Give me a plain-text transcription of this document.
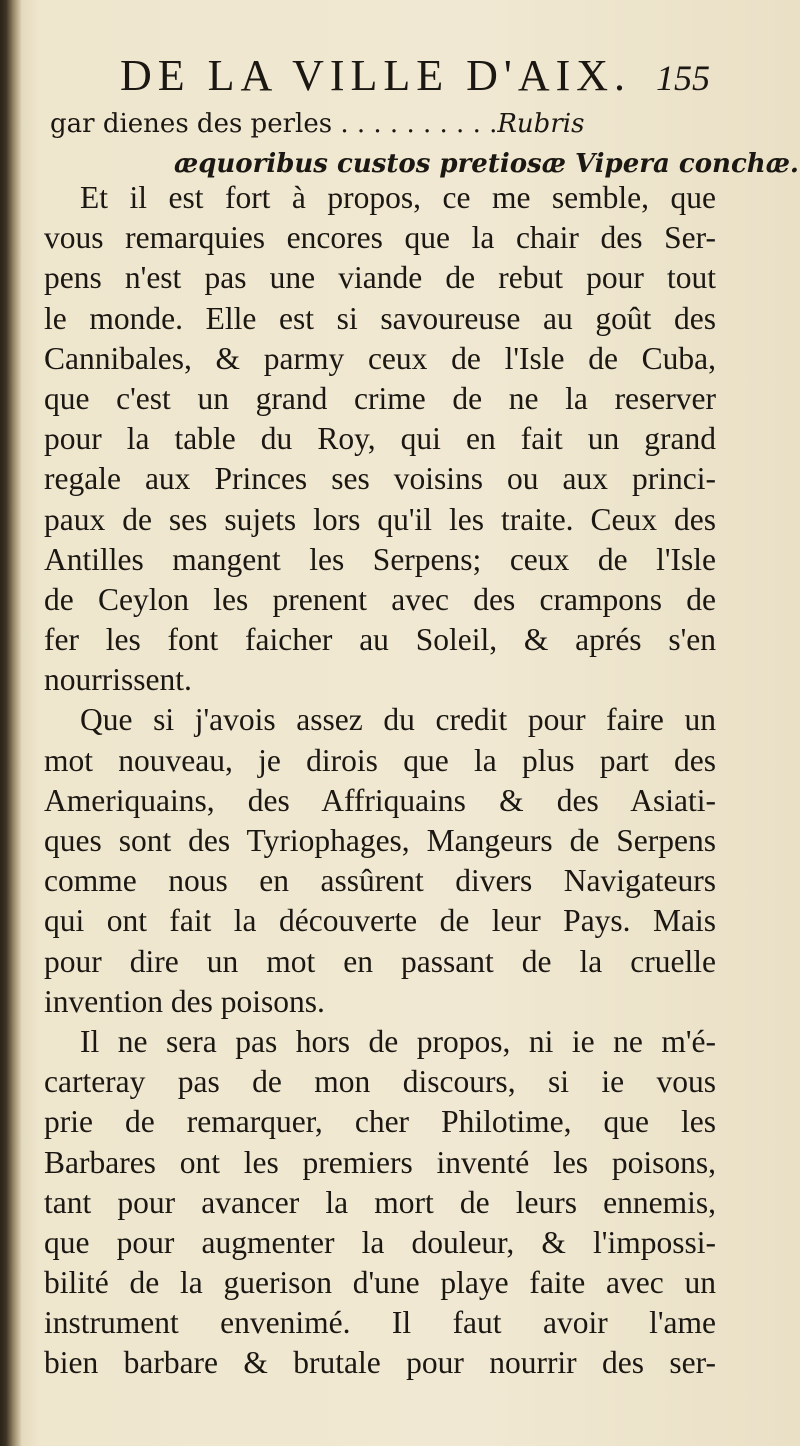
DE LA VILLE D'AIX. 155
gar dienes des perles . . . . . . . . . . Rubris
æquoribus custos pretiosæ Vipera conchæ.
Et il est fort à propos, ce me semble, que
vous remarquies encores que la chair des Ser-
pens n'est pas une viande de rebut pour tout
le monde. Elle est si savoureuse au goût des
Cannibales, & parmy ceux de l'Isle de Cuba,
que c'est un grand crime de ne la reserver
pour la table du Roy, qui en fait un grand
regale aux Princes ses voisins ou aux princi-
paux de ses sujets lors qu'il les traite. Ceux des
Antilles mangent les Serpens; ceux de l'Isle
de Ceylon les prenent avec des crampons de
fer les font faicher au Soleil, & aprés s'en
nourrissent.
Que si j'avois assez du credit pour faire un
mot nouveau, je dirois que la plus part des
Ameriquains, des Affriquains & des Asiati-
ques sont des Tyriophages, Mangeurs de Serpens
comme nous en assûrent divers Navigateurs
qui ont fait la découverte de leur Pays. Mais
pour dire un mot en passant de la cruelle
invention des poisons.
Il ne sera pas hors de propos, ni ie ne m'é-
carteray pas de mon discours, si ie vous
prie de remarquer, cher Philotime, que les
Barbares ont les premiers inventé les poisons,
tant pour avancer la mort de leurs ennemis,
que pour augmenter la douleur, & l'impossi-
bilité de la guerison d'une playe faite avec un
instrument envenimé. Il faut avoir l'ame
bien barbare & brutale pour nourrir des ser-
